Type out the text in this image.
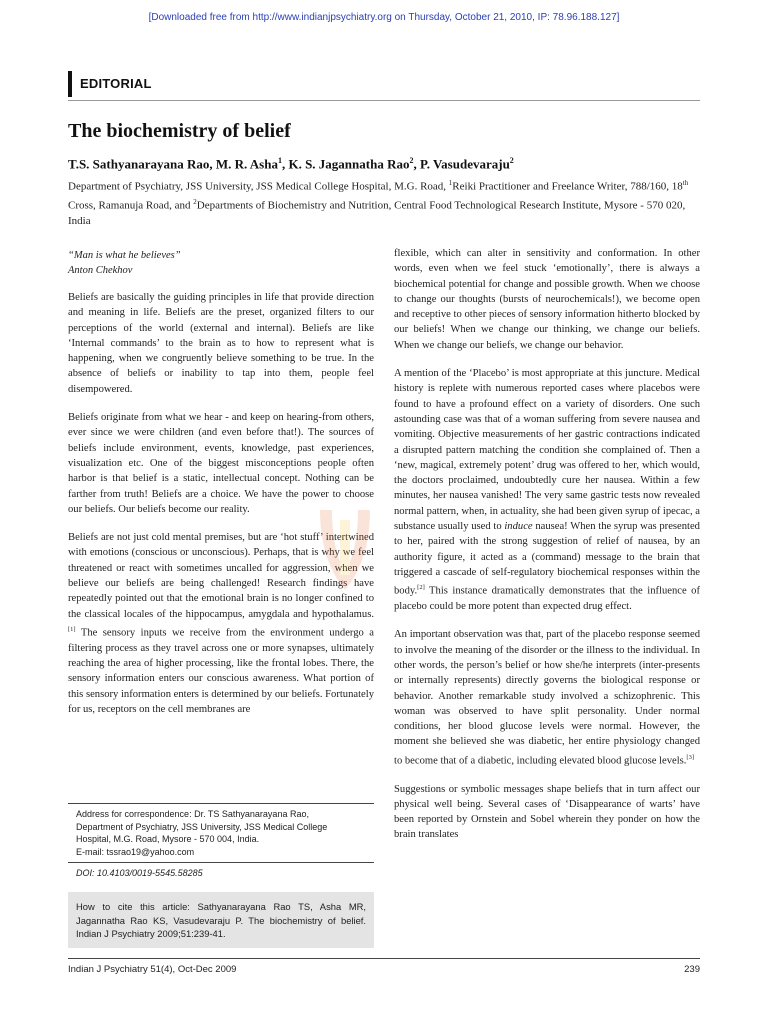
[Downloaded free from http://www.indianjpsychiatry.org on Thursday, October 21, 2010, IP: 78.96.188.127]
EDITORIAL
The biochemistry of belief
T.S. Sathyanarayana Rao, M. R. Asha$^1$, K. S. Jagannatha Rao$^2$, P. Vasudevaraju$^2$
Department of Psychiatry, JSS University, JSS Medical College Hospital, M.G. Road, $^1$Reiki Practitioner and Freelance Writer, 788/160, 18th Cross, Ramanuja Road, and $^2$Departments of Biochemistry and Nutrition, Central Food Technological Research Institute, Mysore - 570 020, India
“Man is what he believes”
Anton Chekhov

Beliefs are basically the guiding principles in life that provide direction and meaning in life. Beliefs are the preset, organized filters to our perceptions of the world (external and internal). Beliefs are like ‘Internal commands’ to the brain as to how to represent what is happening, when we congruently believe something to be true. In the absence of beliefs or inability to tap into them, people feel disempowered.

Beliefs originate from what we hear - and keep on hearing-from others, ever since we were children (and even before that!). The sources of beliefs include environment, events, knowledge, past experiences, visualization etc. One of the biggest misconceptions people often harbor is that belief is a static, intellectual concept. Nothing can be farther from truth! Beliefs are a choice. We have the power to choose our beliefs. Our beliefs become our reality.

Beliefs are not just cold mental premises, but are ‘hot stuff’ intertwined with emotions (conscious or unconscious). Perhaps, that is why we feel threatened or react with sometimes uncalled for aggression, when we believe our beliefs are being challenged! Research findings have repeatedly pointed out that the emotional brain is no longer confined to the classical locales of the hippocampus, amygdala and hypothalamus.[1] The sensory inputs we receive from the environment undergo a filtering process as they travel across one or more synapses, ultimately reaching the area of higher processing, like the frontal lobes. There, the sensory information enters our conscious awareness. What portion of this sensory information enters is determined by our beliefs. Fortunately for us, receptors on the cell membranes are

flexible, which can alter in sensitivity and conformation. In other words, even when we feel stuck ‘emotionally’, there is always a biochemical potential for change and possible growth. When we choose to change our thoughts (bursts of neurochemicals!), we become open and receptive to other pieces of sensory information hitherto blocked by our beliefs! When we change our thinking, we change our beliefs. When we change our beliefs, we change our behavior.

A mention of the ‘Placebo’ is most appropriate at this juncture. Medical history is replete with numerous reported cases where placebos were found to have a profound effect on a variety of disorders. One such astounding case was that of a woman suffering from severe nausea and vomiting. Objective measurements of her gastric contractions indicated a disrupted pattern matching the condition she complained of. Then a ‘new, magical, extremely potent’ drug was offered to her, which would, the doctors proclaimed, undoubtedly cure her nausea. Within a few minutes, her nausea vanished! The very same gastric tests now revealed normal pattern, when, in actuality, she had been given syrup of ipecac, a substance usually used to induce nausea! When the syrup was presented to her, paired with the strong suggestion of relief of nausea, by an authority figure, it acted as a (command) message to the brain that triggered a cascade of self-regulatory biochemical responses within the body.[2] This instance dramatically demonstrates that the influence of placebo could be more potent than expected drug effect.

An important observation was that, part of the placebo response seemed to involve the meaning of the disorder or the illness to the individual. In other words, the person’s belief or how she/he interprets (inter-presents or internally represents) directly governs the biological response or behavior. Another remarkable study involved a schizophrenic. This woman was observed to have split personality. Under normal conditions, her blood glucose levels were normal. However, the moment she believed she was diabetic, her entire physiology changed to become that of a diabetic, including elevated blood glucose levels.[3]

Suggestions or symbolic messages shape beliefs that in turn affect our physical well being. Several cases of ‘Disappearance of warts’ have been reported by Ornstein and Sobel wherein they ponder on how the brain translates

Address for correspondence: Dr. TS Sathyanarayana Rao,
Department of Psychiatry, JSS University, JSS Medical College
Hospital, M.G. Road, Mysore - 570 004, India.
E-mail: tssrao19@yahoo.com
DOI: 10.4103/0019-5545.58285
How to cite this article: Sathyanarayana Rao TS, Asha MR, Jagannatha Rao KS, Vasudevaraju P. The biochemistry of belief. Indian J Psychiatry 2009;51:239-41.
Indian J Psychiatry 51(4), Oct-Dec 2009	239
